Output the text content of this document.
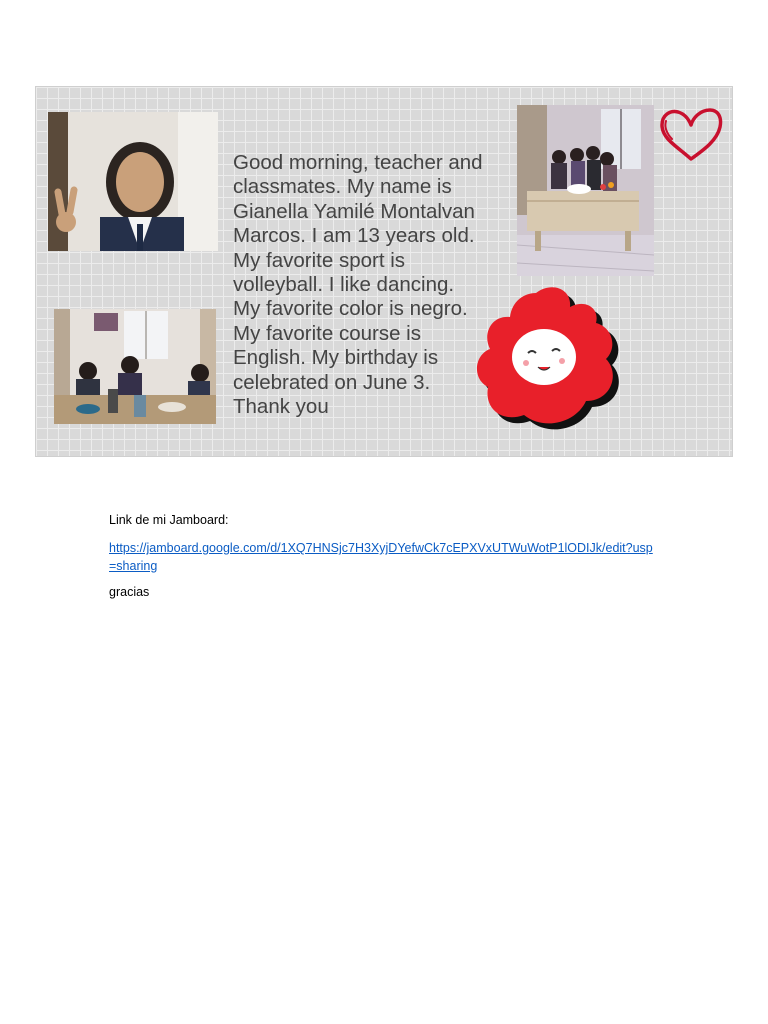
Good morning, teacher and
classmates. My name is
Gianella Yamilé Montalvan
Marcos. I am 13 years old.
My favorite sport is
volleyball. I like dancing.
My favorite color is negro.
My favorite course is
English. My birthday is
celebrated on June 3.
Thank you

Link de mi Jamboard:

https://jamboard.google.com/d/1XQ7HNSjc7H3XyjDYefwCk7cEPXVxUTWuWotP1lODIJk/edit?usp=sharing

gracias
